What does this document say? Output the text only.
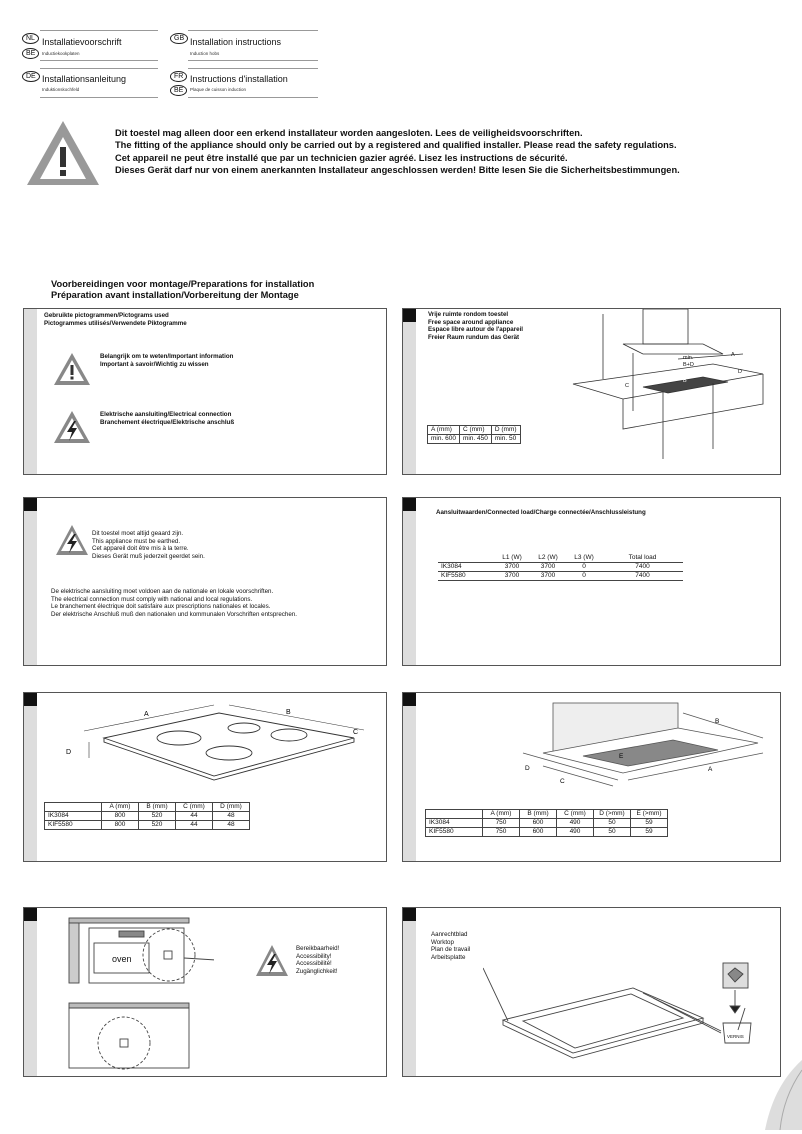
NL Installatievoorschrift
BE	Inductiekookplaten
GB Installation instructions
Induction hobs
DE Installationsanleitung
Induktionskochfeld
FR Instructions d'installation
BE	Plaque de cuisson induction
Dit toestel mag alleen door een erkend installateur worden aangesloten. Lees de veiligheidsvoorschriften.
The fitting of the appliance should only be carried out by a registered and qualified installer. Please read the safety regulations.
Cet appareil ne peut être installé que par un technicien gazier agréé. Lisez les instructions de sécurité.
Dieses Gerät darf nur von einem anerkannten Installateur angeschlossen werden! Bitte lesen Sie die Sicherheitsbestimmungen.
Voorbereidingen voor montage/Preparations for installation
Préparation avant installation/Vorbereitung der Montage
Gebruikte pictogrammen/Pictograms used
Pictogrammes utilisés/Verwendete Piktogramme
Belangrijk om te weten/Important information
Important à savoir/Wichtig zu wissen
Elektrische aansluiting/Electrical connection
Branchement électrique/Elektrische anschluß
Vrije ruimte rondom toestel
Free space around appliance
Espace libre autour de l'appareil
Freier Raum rundum das Gerät
A (mm)	C (mm)	D (mm)
min. 600	min. 450	min. 50
min.
B+D
A
B
C
D
Dit toestel moet altijd geaard zijn.
This appliance must be earthed.
Cet appareil doit être mis à la terre.
Dieses Gerät muß jederzeit geerdet sein.
De elektrische aansluiting moet voldoen aan de nationale en lokale voorschriften.
The electrical connection must comply with national and local regulations.
Le branchement électrique doit satisfaire aux prescriptions nationales et locales.
Der elektrische Anschluß muß den nationalen und kommunalen Vorschriften entsprechen.
Aansluitwaarden/Connected load/Charge connectée/Anschlussleistung
	L1 (W)	L2 (W)	L3 (W)	Total load
IK3084	3700	3700	0	7400
KIF5580	3700	3700	0	7400
A	B
C
D
	A (mm)	B (mm)	C (mm)	D (mm)
IK3084	800	520	44	48
KIF5580	800	520	44	48
B
A
D
C
E
	A (mm)	B (mm)	C (mm)	D (>mm)	E (>mm)
IK3084	750	600	490	50	59
KIF5580	750	600	490	50	59
oven
Bereikbaarheid!
Accessibility!
Accessibilité!
Zugänglichkeit!
Aanrechtblad
Worktop
Plan de travail
Arbeitsplatte
VERNIS
